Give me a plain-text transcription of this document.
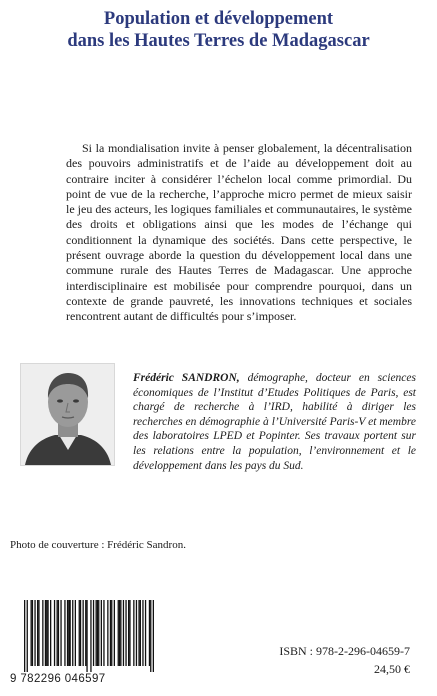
Population et développement
dans les Hautes Terres de Madagascar

Si la mondialisation invite à penser globalement, la décentralisation des pouvoirs administratifs et de l’aide au développement doit au contraire inciter à considérer l’échelon local comme primordial. Du point de vue de la recherche, l’approche micro permet de mieux saisir le jeu des acteurs, les logiques familiales et communautaires, le système des droits et obligations ainsi que les modes de l’échange qui conditionnent la dynamique des sociétés. Dans cette perspective, le présent ouvrage aborde la question du développement local dans une commune rurale des Hautes Terres de Madagascar. Une approche interdisciplinaire est mobilisée pour comprendre pourquoi, dans un contexte de grande pauvreté, les innovations techniques et sociales rencontrent autant de difficultés pour s’imposer.

Frédéric SANDRON, démographe, docteur en sciences économiques de l’Institut d’Etudes Politiques de Paris, est chargé de recherche à l’IRD, habilité à diriger les recherches en démographie à l’Université Paris-V et membre des laboratoires LPED et Popinter. Ses travaux portent sur les relations entre la population, l’environnement et le développement dans les pays du Sud.

Photo de couverture : Frédéric Sandron.
9 782296 046597
ISBN : 978-2-296-04659-7
24,50 €
